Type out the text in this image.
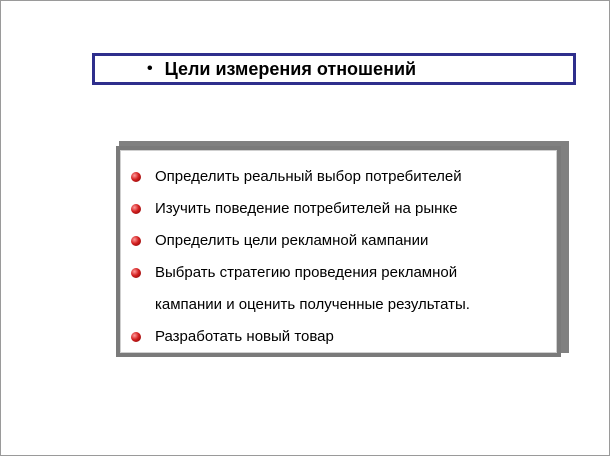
• Цели измерения отношений
Определить реальный выбор потребителей
Изучить поведение потребителей на рынке
Определить цели рекламной кампании
Выбрать стратегию проведения рекламной кампании и оценить полученные результаты.
Разработать новый товар
